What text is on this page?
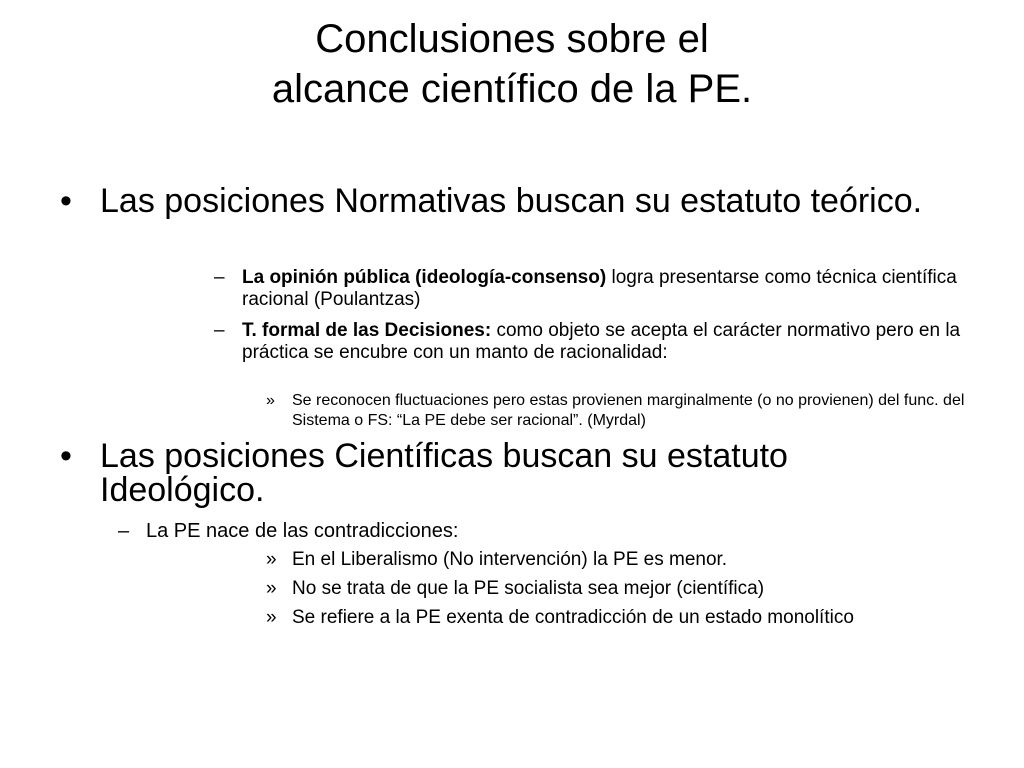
Conclusiones sobre el
alcance científico de la PE.
• Las posiciones Normativas buscan su estatuto teórico.
– La opinión pública (ideología-consenso) logra presentarse como técnica científica racional (Poulantzas)
– T. formal de las Decisiones: como objeto se acepta el carácter normativo pero en la práctica se encubre con un manto de racionalidad:
» Se reconocen fluctuaciones pero estas provienen marginalmente (o no provienen) del func. del Sistema o FS: “La PE debe ser racional”. (Myrdal)
• Las posiciones Científicas buscan su estatuto Ideológico.
– La PE nace de las contradicciones:
» En el Liberalismo (No intervención) la PE es menor.
» No se trata de que la PE socialista sea mejor (científica)
» Se refiere a la PE exenta de contradicción de un estado monolítico
